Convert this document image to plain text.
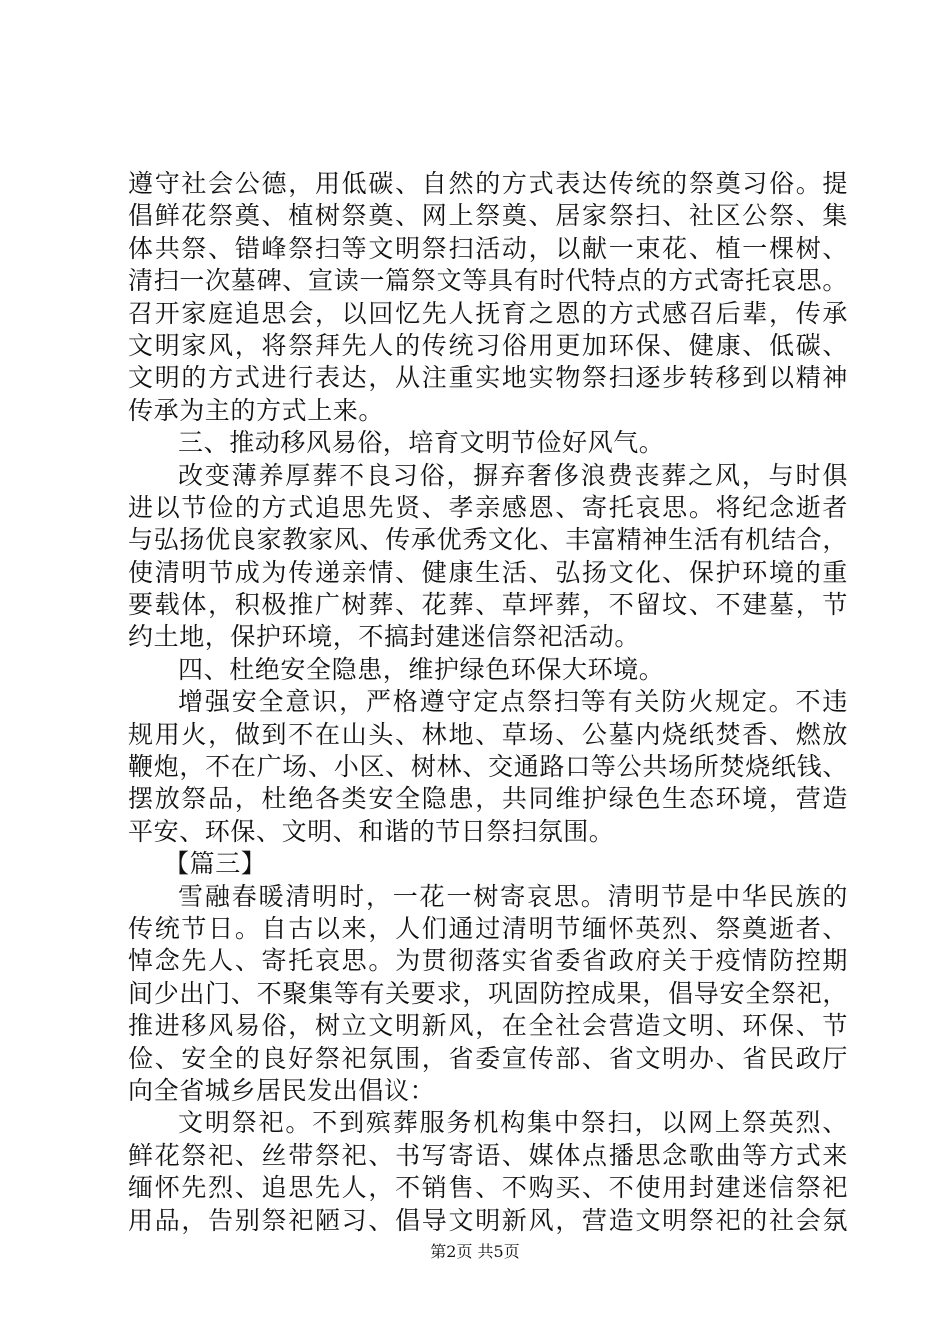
遵守社会公德，用低碳、自然的方式表达传统的祭奠习俗。提
倡鲜花祭奠、植树祭奠、网上祭奠、居家祭扫、社区公祭、集
体共祭、错峰祭扫等文明祭扫活动，以献一束花、植一棵树、
清扫一次墓碑、宣读一篇祭文等具有时代特点的方式寄托哀思。
召开家庭追思会，以回忆先人抚育之恩的方式感召后辈，传承
文明家风，将祭拜先人的传统习俗用更加环保、健康、低碳、
文明的方式进行表达，从注重实地实物祭扫逐步转移到以精神
传承为主的方式上来。
三、推动移风易俗，培育文明节俭好风气。
改变薄养厚葬不良习俗，摒弃奢侈浪费丧葬之风，与时俱
进以节俭的方式追思先贤、孝亲感恩、寄托哀思。将纪念逝者
与弘扬优良家教家风、传承优秀文化、丰富精神生活有机结合，
使清明节成为传递亲情、健康生活、弘扬文化、保护环境的重
要载体，积极推广树葬、花葬、草坪葬，不留坟、不建墓，节
约土地，保护环境，不搞封建迷信祭祀活动。
四、杜绝安全隐患，维护绿色环保大环境。
增强安全意识，严格遵守定点祭扫等有关防火规定。不违
规用火，做到不在山头、林地、草场、公墓内烧纸焚香、燃放
鞭炮，不在广场、小区、树林、交通路口等公共场所焚烧纸钱、
摆放祭品，杜绝各类安全隐患，共同维护绿色生态环境，营造
平安、环保、文明、和谐的节日祭扫氛围。
【篇三】
雪融春暖清明时，一花一树寄哀思。清明节是中华民族的
传统节日。自古以来，人们通过清明节缅怀英烈、祭奠逝者、
悼念先人、寄托哀思。为贯彻落实省委省政府关于疫情防控期
间少出门、不聚集等有关要求，巩固防控成果，倡导安全祭祀，
推进移风易俗，树立文明新风，在全社会营造文明、环保、节
俭、安全的良好祭祀氛围，省委宣传部、省文明办、省民政厅
向全省城乡居民发出倡议：
文明祭祀。不到殡葬服务机构集中祭扫，以网上祭英烈、
鲜花祭祀、丝带祭祀、书写寄语、媒体点播思念歌曲等方式来
缅怀先烈、追思先人，不销售、不购买、不使用封建迷信祭祀
用品，告别祭祀陋习、倡导文明新风，营造文明祭祀的社会氛
第2页 共5页
